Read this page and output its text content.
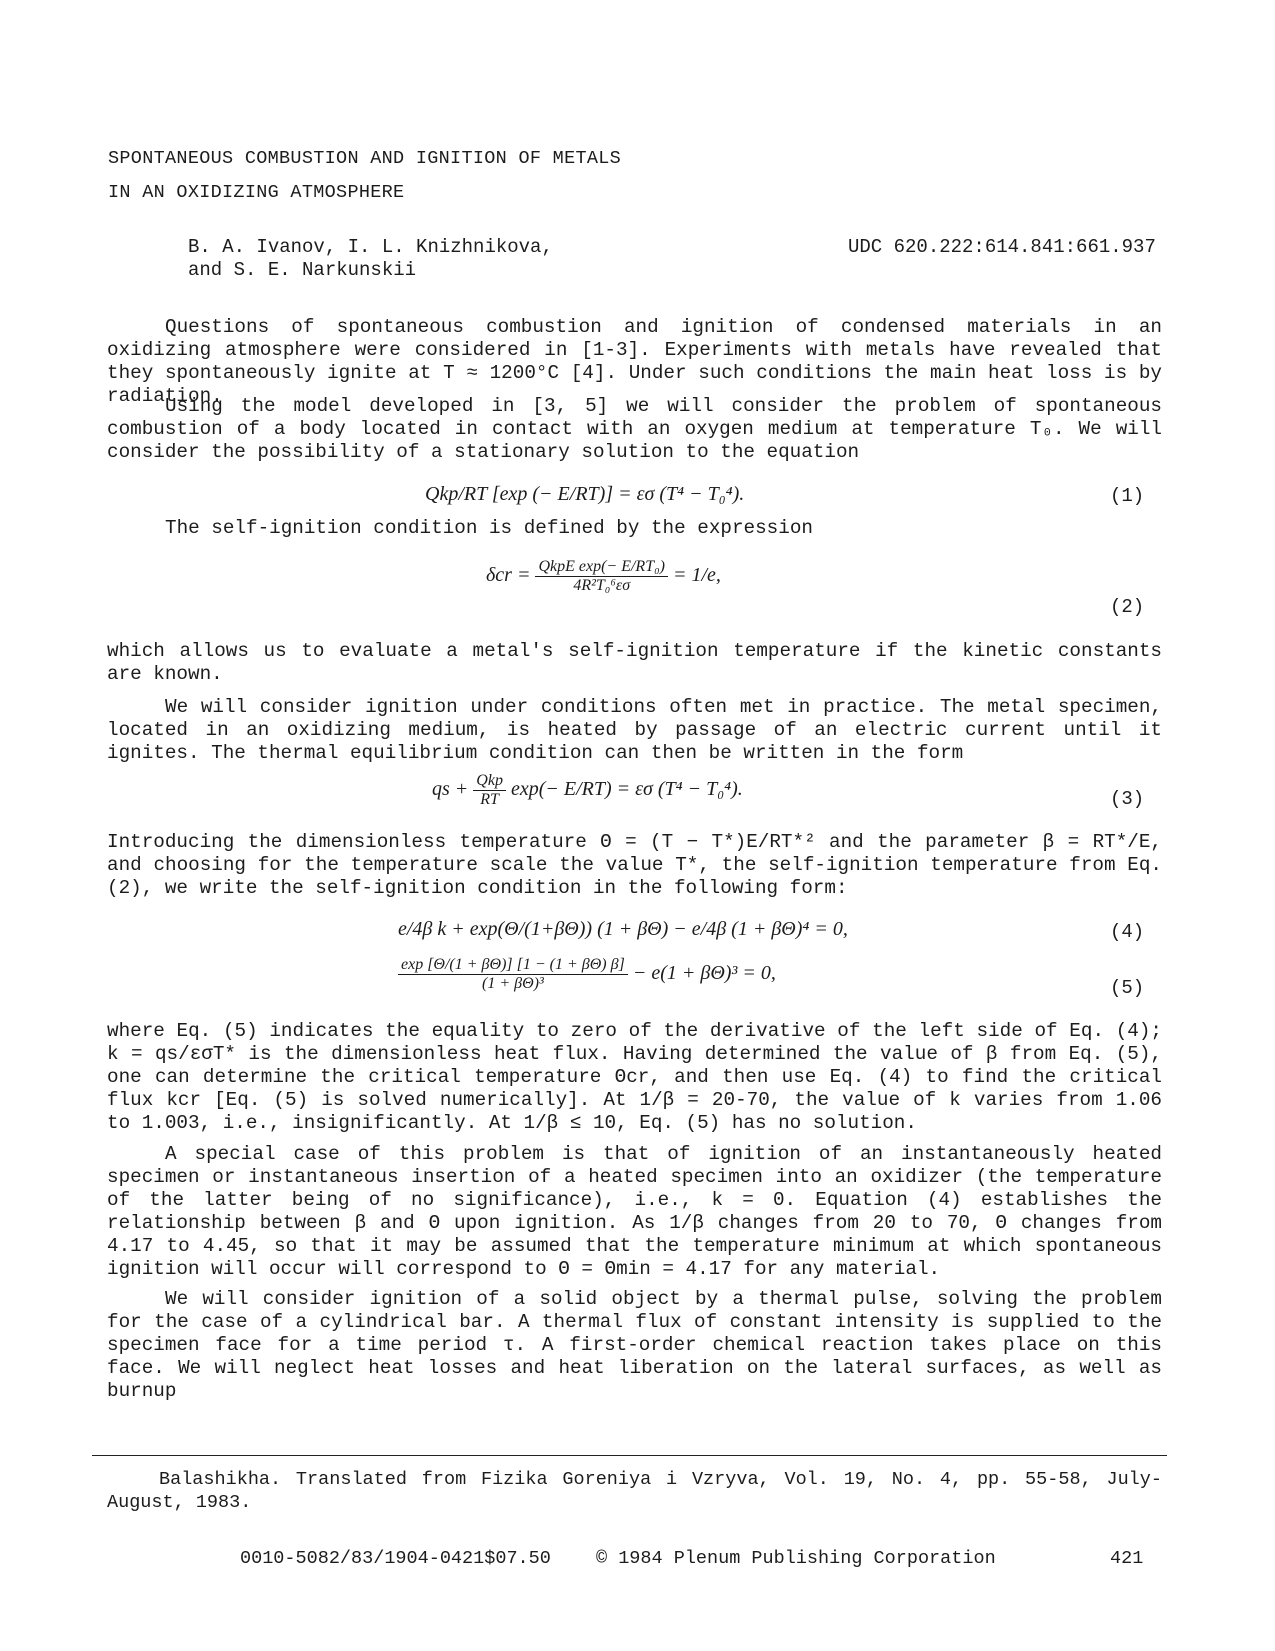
SPONTANEOUS COMBUSTION AND IGNITION OF METALS
IN AN OXIDIZING ATMOSPHERE
B. A. Ivanov, I. L. Knizhnikova,
and S. E. Narkunskii
UDC 620.222:614.841:661.937
Questions of spontaneous combustion and ignition of condensed materials in an oxidizing atmosphere were considered in [1-3]. Experiments with metals have revealed that they spontaneously ignite at T ≈ 1200°C [4]. Under such conditions the main heat loss is by radiation.
Using the model developed in [3, 5] we will consider the problem of spontaneous combustion of a body located in contact with an oxygen medium at temperature T₀. We will consider the possibility of a stationary solution to the equation
Qkp/RT [exp (− E/RT)] = εσ (T⁴ − T₀⁴).	(1)
The self-ignition condition is defined by the expression
$\delta cr = \frac{\text{QkpE exp(− E/RT₀)}}{\text{4R²T₀⁶εσ}} = 1/e$,
(2)
which allows us to evaluate a metal's self-ignition temperature if the kinetic constants are known.
We will consider ignition under conditions often met in practice. The metal specimen, located in an oxidizing medium, is heated by passage of an electric current until it ignites. The thermal equilibrium condition can then be written in the form
qs + $\frac{\text{Qkp}}{RT} \exp(- E/RT) = \varepsilon\sigma$ (T⁴ − T₀⁴).	(3)
Introducing the dimensionless temperature Θ = (T − T*)E/RT*² and the parameter β = RT*/E, and choosing for the temperature scale the value T*, the self-ignition temperature from Eq. (2), we write the self-ignition condition in the following form:
e/4β k + exp(Θ/(1+βΘ)) (1 + βΘ) − e/4β (1 + βΘ)⁴ = 0,	(4)
$\frac{\exp [\Theta/(1 + \beta\Theta)] [1 - (1 + \beta\Theta) \beta]}{\text{(1 + βΘ)³}} - e(1 + \beta\Theta)^3 = 0$,
(5)
where Eq. (5) indicates the equality to zero of the derivative of the left side of Eq. (4); k = qs/εσT* is the dimensionless heat flux. Having determined the value of β from Eq. (5), one can determine the critical temperature Θcr, and then use Eq. (4) to find the critical flux kcr [Eq. (5) is solved numerically]. At 1/β = 20-70, the value of k varies from 1.06 to 1.003, i.e., insignificantly. At 1/β ≤ 10, Eq. (5) has no solution.
A special case of this problem is that of ignition of an instantaneously heated specimen or instantaneous insertion of a heated specimen into an oxidizer (the temperature of the latter being of no significance), i.e., k = 0. Equation (4) establishes the relationship between β and Θ upon ignition. As 1/β changes from 20 to 70, Θ changes from 4.17 to 4.45, so that it may be assumed that the temperature minimum at which spontaneous ignition will occur will correspond to Θ = Θmin = 4.17 for any material.
We will consider ignition of a solid object by a thermal pulse, solving the problem for the case of a cylindrical bar. A thermal flux of constant intensity is supplied to the specimen face for a time period τ. A first-order chemical reaction takes place on this face. We will neglect heat losses and heat liberation on the lateral surfaces, as well as burnup
Balashikha. Translated from Fizika Goreniya i Vzryva, Vol. 19, No. 4, pp. 55-58, July-August, 1983.
0010-5082/83/1904-0421$07.50 © 1984 Plenum Publishing Corporation	421
